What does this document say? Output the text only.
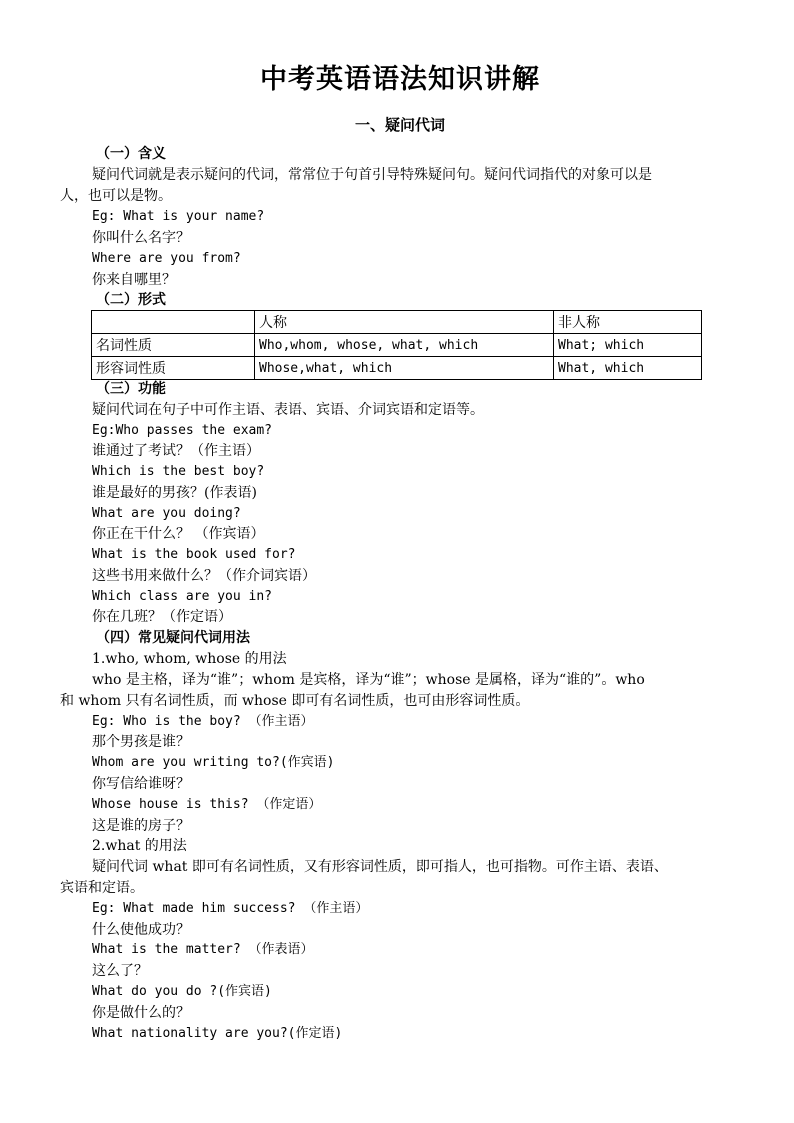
中考英语语法知识讲解
一、疑问代词
（一）含义
疑问代词就是表示疑问的代词，常常位于句首引导特殊疑问句。疑问代词指代的对象可以是
人，也可以是物。
Eg: What is your name?
你叫什么名字？
Where are you from?
你来自哪里？
（二）形式
	人称	非人称
名词性质	Who,whom, whose, what, which	What; which
形容词性质	Whose,what, which	What, which
（三）功能
疑问代词在句子中可作主语、表语、宾语、介词宾语和定语等。
Eg:Who passes the exam?
谁通过了考试？（作主语）
Which is the best boy?
谁是最好的男孩？(作表语)
What are you doing?
你正在干什么？ （作宾语）
What is the book used for?
这些书用来做什么？（作介词宾语）
Which class are you in?
你在几班？（作定语）
（四）常见疑问代词用法
1.who, whom, whose 的用法
who 是主格，译为“谁”；whom 是宾格，译为“谁”；whose 是属格，译为“谁的”。who
和 whom 只有名词性质，而 whose 即可有名词性质，也可由形容词性质。
Eg: Who is the boy? （作主语）
那个男孩是谁？
Whom are you writing to?(作宾语)
你写信给谁呀？
Whose house is this? （作定语）
这是谁的房子？
2.what 的用法
疑问代词 what 即可有名词性质，又有形容词性质，即可指人，也可指物。可作主语、表语、
宾语和定语。
Eg: What made him success? （作主语）
什么使他成功？
What is the matter? （作表语）
这么了？
What do you do ?(作宾语)
你是做什么的？
What nationality are you?(作定语)
